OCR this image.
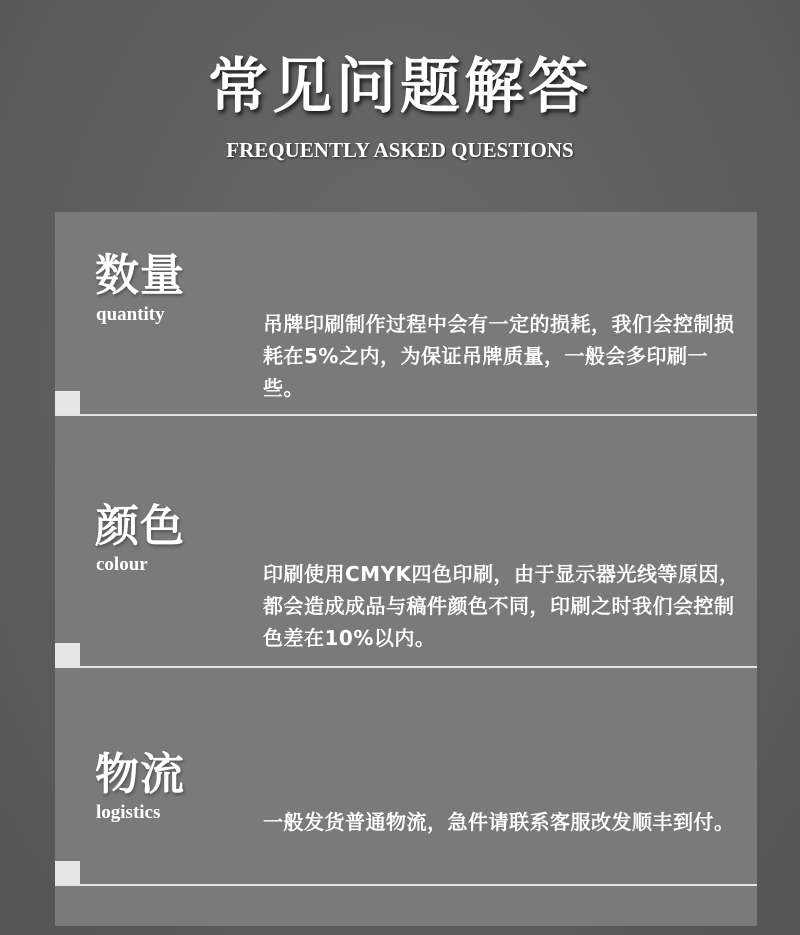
常见问题解答
FREQUENTLY ASKED QUESTIONS
数量
quantity	吊牌印刷制作过程中会有一定的损耗，我们会控制损耗在5%之内，为保证吊牌质量，一般会多印刷一些。
颜色
colour	印刷使用CMYK四色印刷，由于显示器光线等原因，都会造成成品与稿件颜色不同，印刷之时我们会控制色差在10%以内。
物流
logistics	一般发货普通物流，急件请联系客服改发顺丰到付。
